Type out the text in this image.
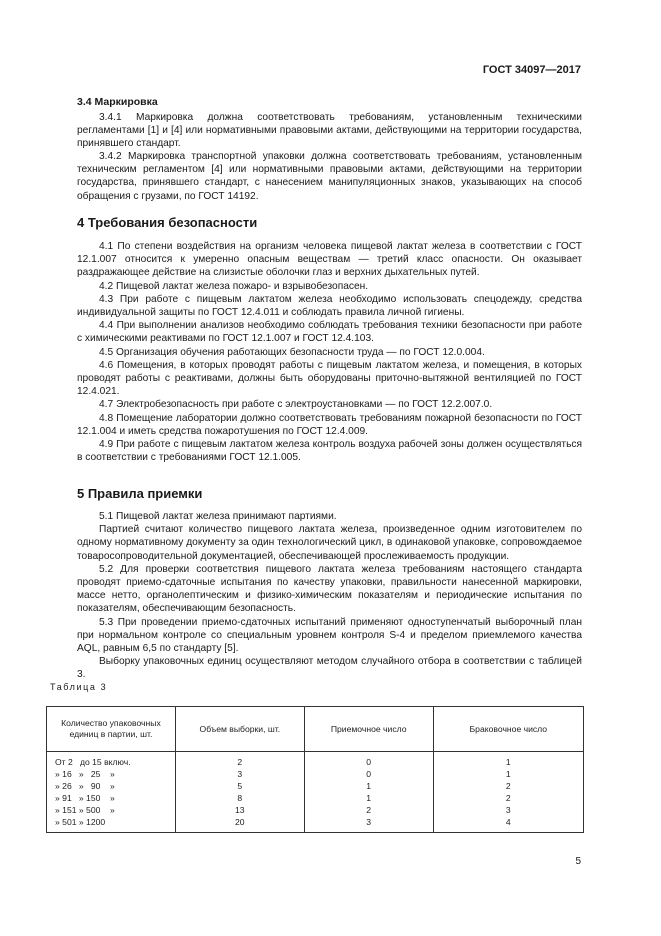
ГОСТ 34097—2017
3.4 Маркировка
3.4.1 Маркировка должна соответствовать требованиям, установленным техническими регламентами [1] и [4] или нормативными правовыми актами, действующими на территории государства, принявшего стандарт.
3.4.2 Маркировка транспортной упаковки должна соответствовать требованиям, установленным техническим регламентом [4] или нормативными правовыми актами, действующими на территории государства, принявшего стандарт, с нанесением манипуляционных знаков, указывающих на способ обращения с грузами, по ГОСТ 14192.
4 Требования безопасности
4.1 По степени воздействия на организм человека пищевой лактат железа в соответствии с ГОСТ 12.1.007 относится к умеренно опасным веществам — третий класс опасности. Он оказывает раздражающее действие на слизистые оболочки глаз и верхних дыхательных путей.
4.2 Пищевой лактат железа пожаро- и взрывобезопасен.
4.3 При работе с пищевым лактатом железа необходимо использовать спецодежду, средства индивидуальной защиты по ГОСТ 12.4.011 и соблюдать правила личной гигиены.
4.4 При выполнении анализов необходимо соблюдать требования техники безопасности при работе с химическими реактивами по ГОСТ 12.1.007 и ГОСТ 12.4.103.
4.5 Организация обучения работающих безопасности труда — по ГОСТ 12.0.004.
4.6 Помещения, в которых проводят работы с пищевым лактатом железа, и помещения, в которых проводят работы с реактивами, должны быть оборудованы приточно-вытяжной вентиляцией по ГОСТ 12.4.021.
4.7 Электробезопасность при работе с электроустановками — по ГОСТ 12.2.007.0.
4.8 Помещение лаборатории должно соответствовать требованиям пожарной безопасности по ГОСТ 12.1.004 и иметь средства пожаротушения по ГОСТ 12.4.009.
4.9 При работе с пищевым лактатом железа контроль воздуха рабочей зоны должен осуществляться в соответствии с требованиями ГОСТ 12.1.005.
5 Правила приемки
5.1 Пищевой лактат железа принимают партиями.
Партией считают количество пищевого лактата железа, произведенное одним изготовителем по одному нормативному документу за один технологический цикл, в одинаковой упаковке, сопровождаемое товаросопроводительной документацией, обеспечивающей прослеживаемость продукции.
5.2 Для проверки соответствия пищевого лактата железа требованиям настоящего стандарта проводят приемо-сдаточные испытания по качеству упаковки, правильности нанесенной маркировки, массе нетто, органолептическим и физико-химическим показателям и периодические испытания по показателям, обеспечивающим безопасность.
5.3 При проведении приемо-сдаточных испытаний применяют одноступенчатый выборочный план при нормальном контроле со специальным уровнем контроля S-4 и пределом приемлемого качества AQL, равным 6,5 по стандарту [5].
Выборку упаковочных единиц осуществляют методом случайного отбора в соответствии с таблицей 3.
Таблица 3
Количество упаковочных единиц в партии, шт.	Объем выборки, шт.	Приемочное число	Браковочное число
От 2   до 15 включ.	2	0	1
» 16   »   25    »	3	0	1
» 26   »   90    »	5	1	2
» 91   » 150    »	8	1	2
» 151 » 500    »	13	2	3
» 501 » 1200	20	3	4
5
